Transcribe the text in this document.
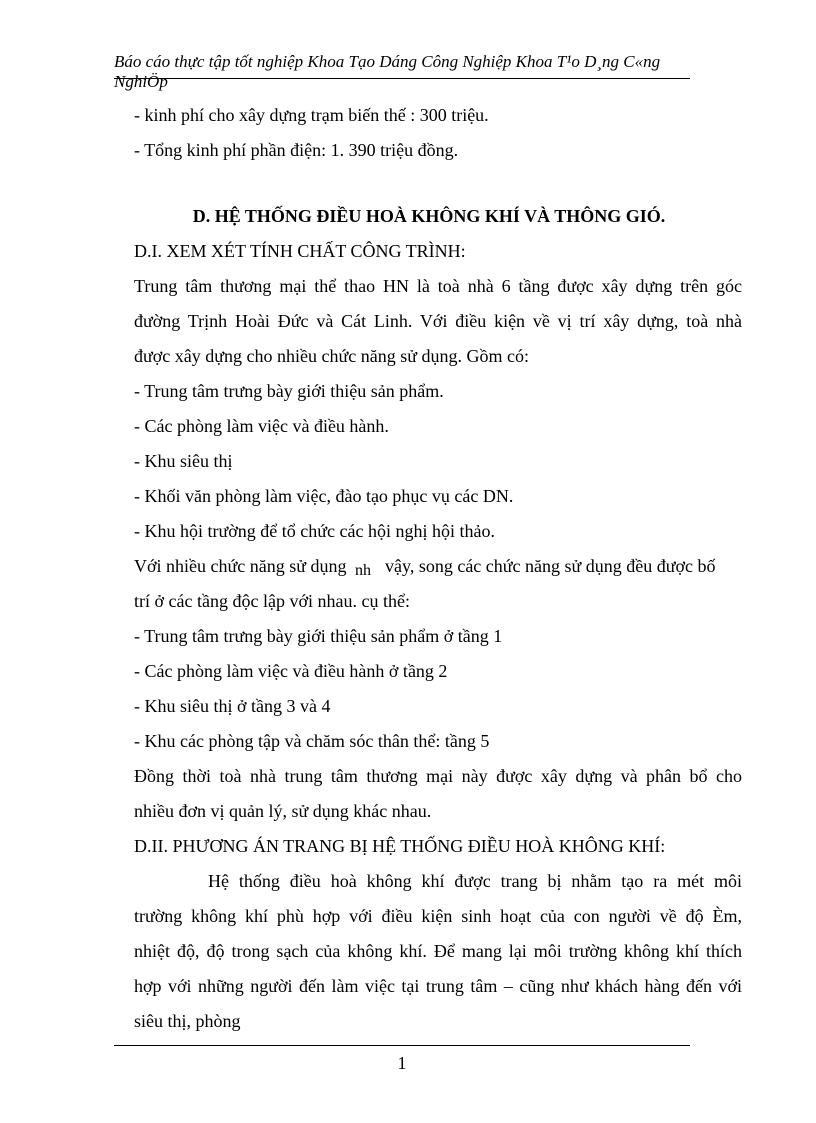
Báo cáo thực tập tốt nghiệp Khoa Tạo Dáng Công Nghiệp Khoa T¹o D¸ng C«ng
NghiÖp
- kinh phí cho xây dựng trạm biến thế : 300 triệu.
- Tổng kinh phí phần điện: 1. 390 triệu đồng.
D. HỆ THỐNG ĐIỀU HOÀ KHÔNG KHÍ VÀ THÔNG GIÓ.
D.I. XEM XÉT TÍNH CHẤT CÔNG TRÌNH:
Trung tâm thương mại thể thao HN là toà nhà 6 tầng được xây dựng trên góc
đường Trịnh Hoài Đức và Cát Linh. Với điều kiện về vị trí xây dựng, toà nhà
được xây dựng cho nhiều chức năng sử dụng. Gồm có:
- Trung tâm trưng bày giới thiệu sản phẩm.
- Các phòng làm việc và điều hành.
- Khu siêu thị
- Khối văn phòng làm việc, đào tạo phục vụ các DN.
- Khu hội trường để tổ chức các hội nghị hội thảo.
Với nhiều chức năng sử dụng nh vậy, song các chức năng sử dụng đều được bố
trí ở các tầng độc lập với nhau. cụ thể:
- Trung tâm trưng bày giới thiệu sản phẩm ở tầng 1
- Các phòng làm việc và điều hành ở tầng 2
- Khu siêu thị ở tầng 3 và 4
- Khu các phòng tập và chăm sóc thân thể: tầng 5
Đồng thời toà nhà trung tâm thương mại này được xây dựng và phân bổ cho
nhiều đơn vị quản lý, sử dụng khác nhau.
D.II. PHƯƠNG ÁN TRANG BỊ HỆ THỐNG ĐIỀU HOÀ KHÔNG KHÍ:
Hệ thống điều hoà không khí được trang bị nhằm tạo ra mét môi
trường không khí phù hợp với điều kiện sinh hoạt của con người về độ Èm,
nhiệt độ, độ trong sạch của không khí. Để mang lại môi trường không khí thích
hợp với những người đến làm việc tại trung tâm – cũng như khách hàng đến với
siêu thị, phòng
1
